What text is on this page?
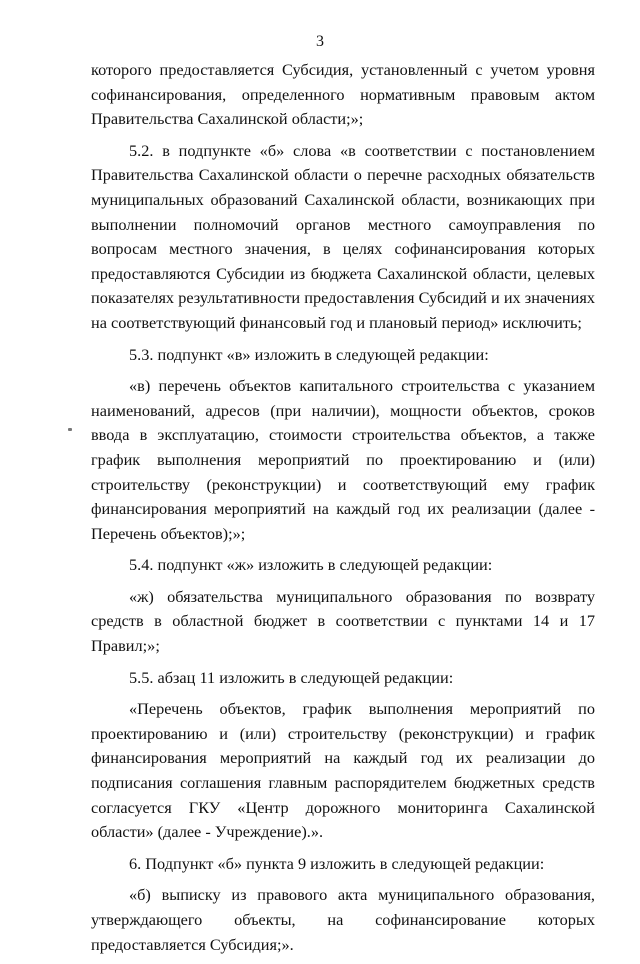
3

которого предоставляется Субсидия, установленный с учетом уровня софинансирования, определенного нормативным правовым актом Правительства Сахалинской области;»;

5.2. в подпункте «б» слова «в соответствии с постановлением Правительства Сахалинской области о перечне расходных обязательств муниципальных образований Сахалинской области, возникающих при выполнении полномочий органов местного самоуправления по вопросам местного значения, в целях софинансирования которых предоставляются Субсидии из бюджета Сахалинской области, целевых показателях результативности предоставления Субсидий и их значениях на соответствующий финансовый год и плановый период» исключить;

5.3. подпункт «в» изложить в следующей редакции:

«в) перечень объектов капитального строительства с указанием наименований, адресов (при наличии), мощности объектов, сроков ввода в эксплуатацию, стоимости строительства объектов, а также график выполнения мероприятий по проектированию и (или) строительству (реконструкции) и соответствующий ему график финансирования мероприятий на каждый год их реализации (далее - Перечень объектов);»;

5.4. подпункт «ж» изложить в следующей редакции:

«ж) обязательства муниципального образования по возврату средств в областной бюджет в соответствии с пунктами 14 и 17 Правил;»;

5.5. абзац 11 изложить в следующей редакции:

«Перечень объектов, график выполнения мероприятий по проектированию и (или) строительству (реконструкции) и график финансирования мероприятий на каждый год их реализации до подписания соглашения главным распорядителем бюджетных средств согласуется ГКУ «Центр дорожного мониторинга Сахалинской области» (далее - Учреждение).».

6. Подпункт «б» пункта 9 изложить в следующей редакции:

«б) выписку из правового акта муниципального образования, утверждающего объекты, на софинансирование которых предоставляется Субсидия;».
